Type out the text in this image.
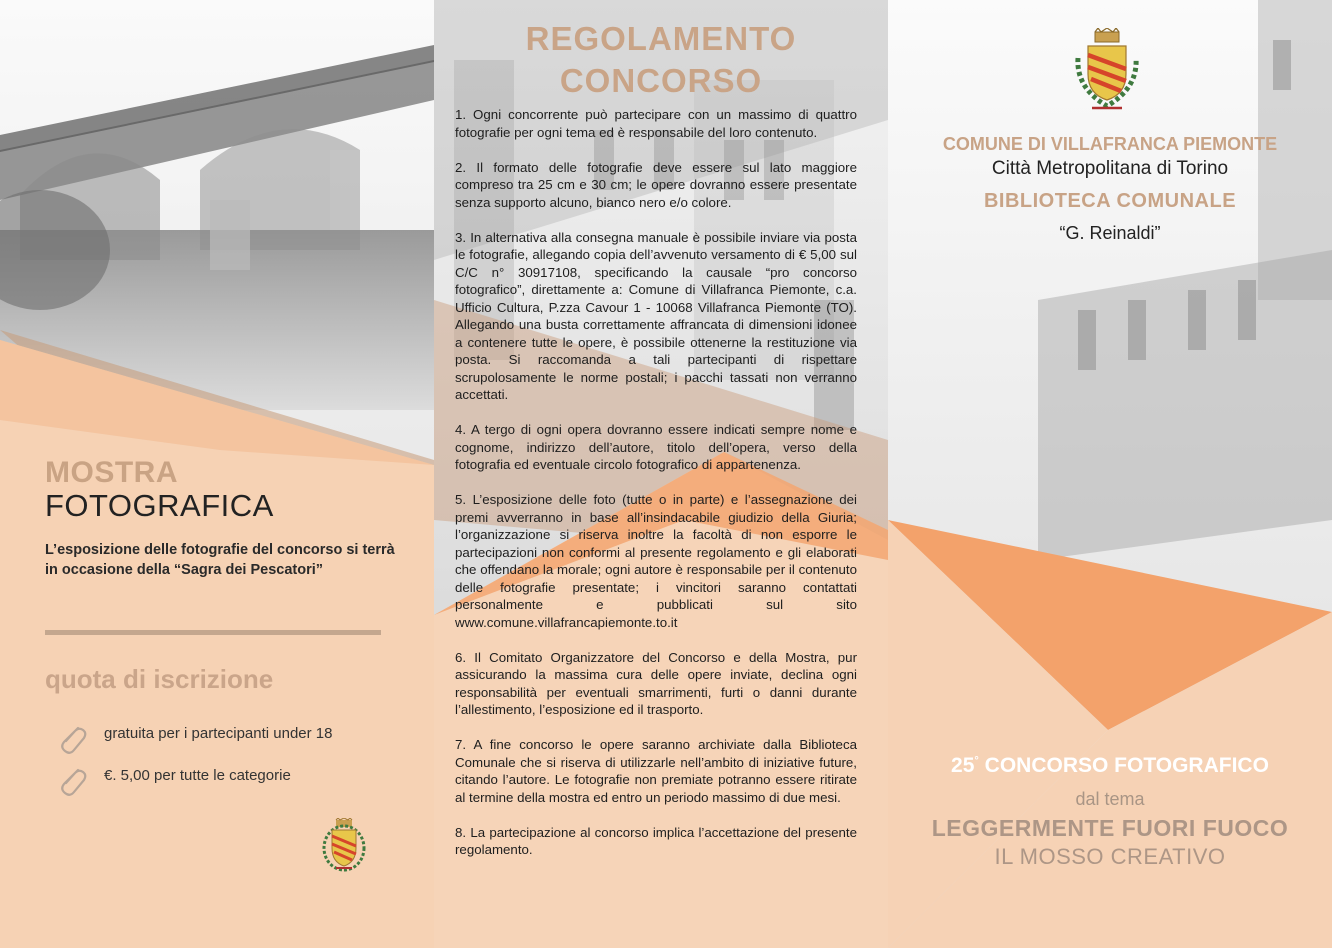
MOSTRA
FOTOGRAFICA
L’esposizione delle fotografie del concorso si terrà in occasione della “Sagra dei Pescatori”
quota di iscrizione
gratuita per i partecipanti under 18
€. 5,00 per tutte le categorie
REGOLAMENTO
CONCORSO

1. Ogni concorrente può partecipare con un massimo di quattro fotografie per ogni tema ed è responsabile del loro contenuto.

2. Il formato delle fotografie deve essere sul lato maggiore compreso tra 25 cm e 30 cm; le opere dovranno essere presentate senza supporto alcuno, bianco nero e/o colore.

3. In alternativa alla consegna manuale è possibile inviare via posta le fotografie, allegando copia dell’avvenuto versamento di € 5,00 sul C/C n° 30917108, specificando la causale “pro concorso fotografico”, direttamente a: Comune di Villafranca Piemonte, c.a. Ufficio Cultura, P.zza Cavour 1 - 10068 Villafranca Piemonte (TO). Allegando una busta correttamente affrancata di dimensioni idonee a contenere tutte le opere, è possibile ottenerne la restituzione via posta. Si raccomanda a tali partecipanti di rispettare scrupolosamente le norme postali; i pacchi tassati non verranno accettati.

4. A tergo di ogni opera dovranno essere indicati sempre nome e cognome, indirizzo dell’autore, titolo dell’opera, verso della fotografia ed eventuale circolo fotografico di appartenenza.

5. L’esposizione delle foto (tutte o in parte) e l’assegnazione dei premi avverranno in base all’insindacabile giudizio della Giuria; l’organizzazione si riserva inoltre la facoltà di non esporre le partecipazioni non conformi al presente regolamento e gli elaborati che offendano la morale; ogni autore è responsabile per il contenuto delle fotografie presentate; i vincitori saranno contattati personalmente e pubblicati sul sito www.comune.villafrancapiemonte.to.it

6. Il Comitato Organizzatore del Concorso e della Mostra, pur assicurando la massima cura delle opere inviate, declina ogni responsabilità per eventuali smarrimenti, furti o danni durante l’allestimento, l’esposizione ed il trasporto.

7. A fine concorso le opere saranno archiviate dalla Biblioteca Comunale che si riserva di utilizzarle nell’ambito di iniziative future, citando l’autore. Le fotografie non premiate potranno essere ritirate al termine della mostra ed entro un periodo massimo di due mesi.

8. La partecipazione al concorso implica l’accettazione del presente regolamento.

COMUNE DI VILLAFRANCA PIEMONTE
Città Metropolitana di Torino
BIBLIOTECA COMUNALE
“G. Reinaldi”
25° CONCORSO FOTOGRAFICO
dal tema
LEGGERMENTE FUORI FUOCO
IL MOSSO CREATIVO
